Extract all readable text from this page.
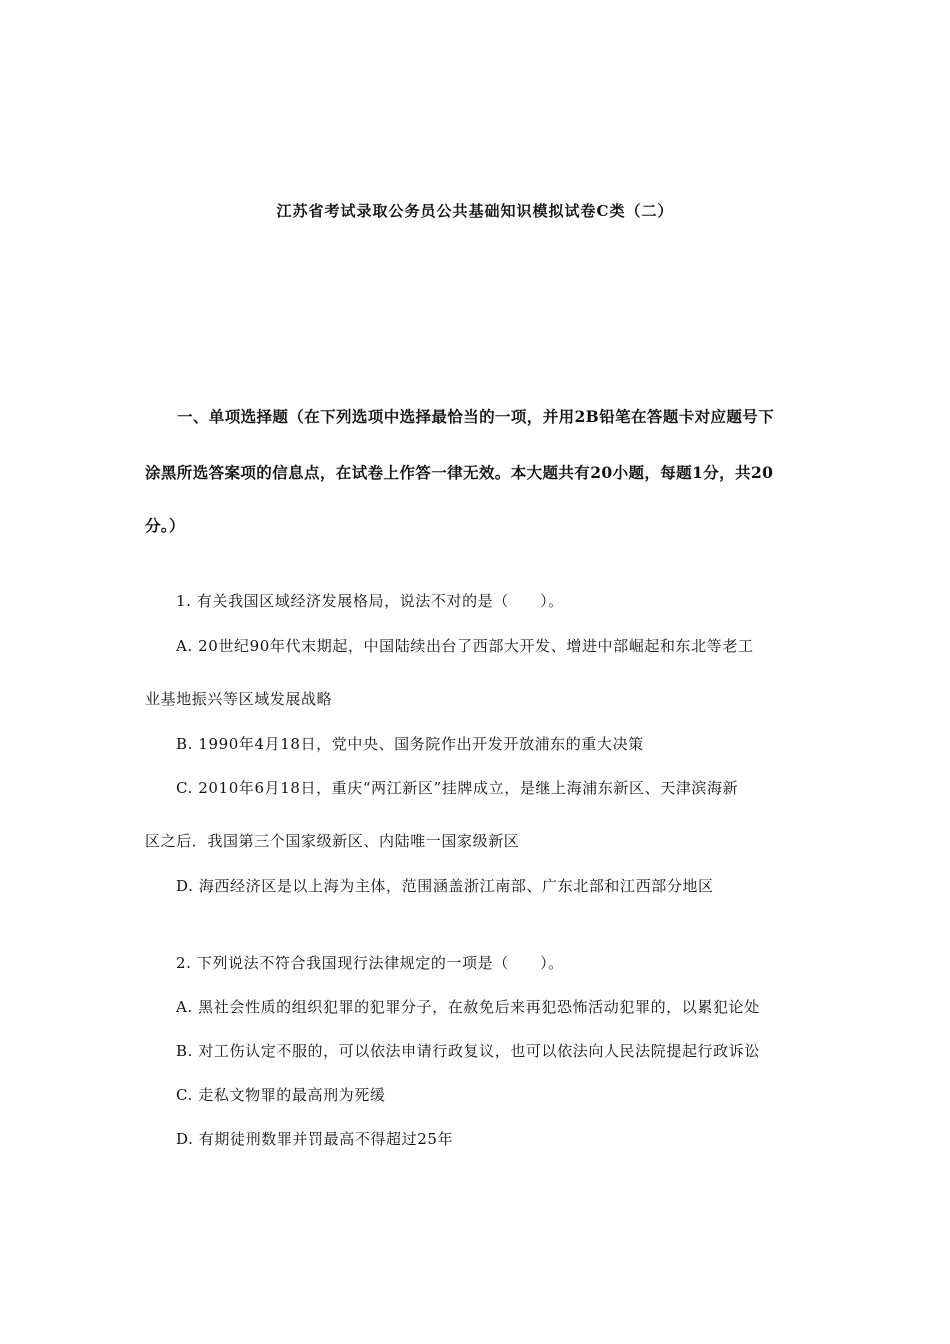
江苏省考试录取公务员公共基础知识模拟试卷C类（二）
一、单项选择题（在下列选项中选择最恰当的一项，并用2B铅笔在答题卡对应题号下
涂黑所选答案项的信息点，在试卷上作答一律无效。本大题共有20小题，每题1分，共20
分。）
1. 有关我国区域经济发展格局，说法不对的是（　　）。
A. 20世纪90年代末期起，中国陆续出台了西部大开发、增进中部崛起和东北等老工
业基地振兴等区域发展战略
B. 1990年4月18日，党中央、国务院作出开发开放浦东的重大决策
C. 2010年6月18日，重庆“两江新区”挂牌成立，是继上海浦东新区、天津滨海新
区之后．我国第三个国家级新区、内陆唯一国家级新区
D. 海西经济区是以上海为主体，范围涵盖浙江南部、广东北部和江西部分地区
2. 下列说法不符合我国现行法律规定的一项是（　　）。
A. 黑社会性质的组织犯罪的犯罪分子，在赦免后来再犯恐怖活动犯罪的，以累犯论处
B. 对工伤认定不服的，可以依法申请行政复议，也可以依法向人民法院提起行政诉讼
C. 走私文物罪的最高刑为死缓
D. 有期徒刑数罪并罚最高不得超过25年
